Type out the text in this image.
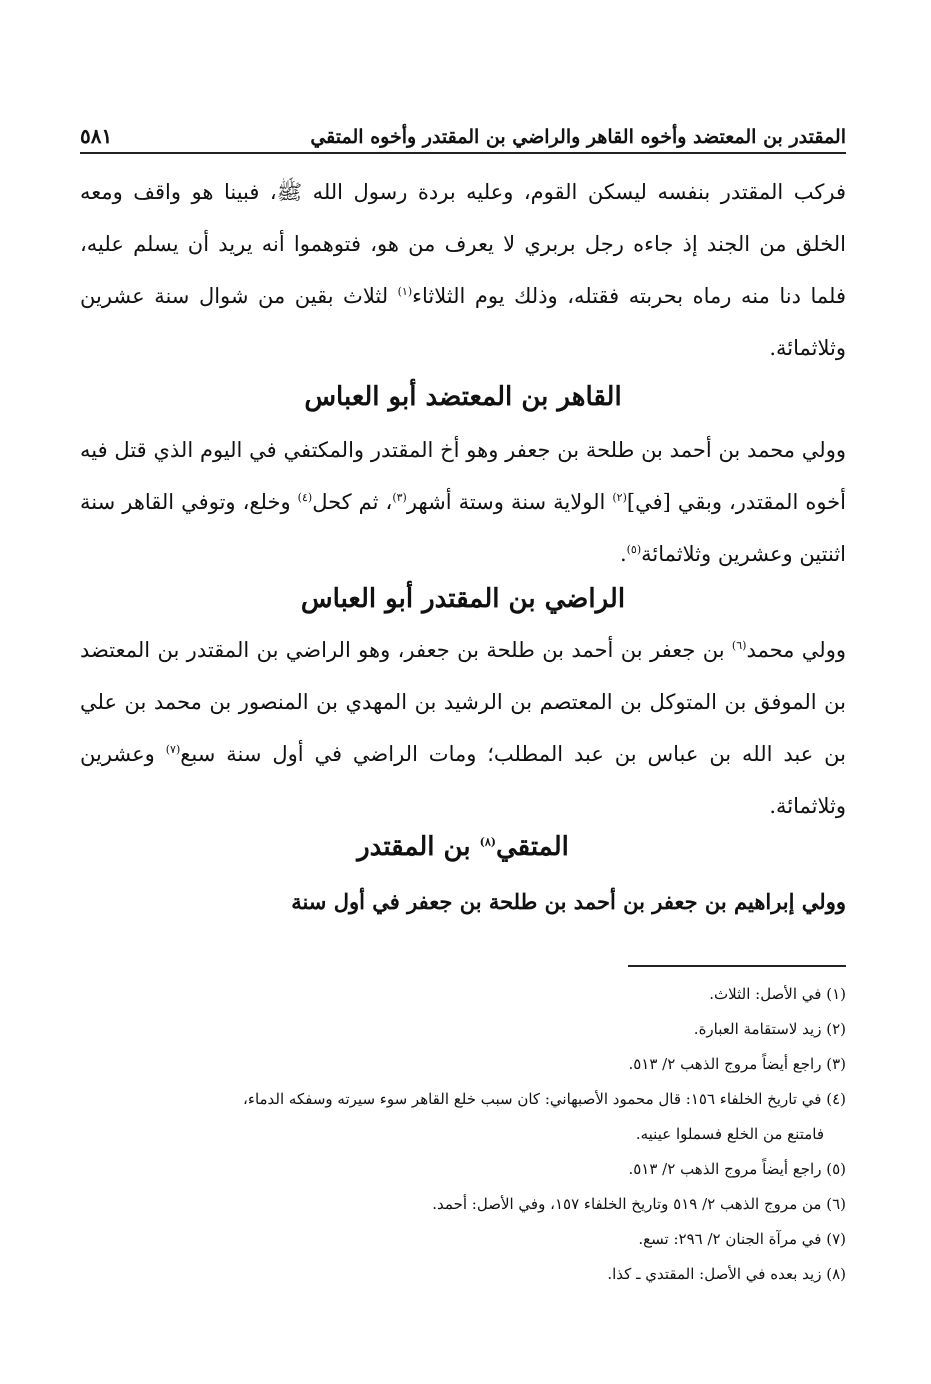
المقتدر بن المعتضد وأخوه القاهر والراضي بن المقتدر وأخوه المتقي
٥٨١
فركب المقتدر بنفسه ليسكن القوم، وعليه بردة رسول الله ﷺ، فبينا هو واقف ومعه الخلق من الجند إذ جاءه رجل بربري لا يعرف من هو، فتوهموا أنه يريد أن يسلم عليه، فلما دنا منه رماه بحربته فقتله، وذلك يوم الثلاثاء$^{(١)}$ لثلاث بقين من شوال سنة عشرين وثلاثمائة.
القاهر بن المعتضد أبو العباس
وولي محمد بن أحمد بن طلحة بن جعفر وهو أخ المقتدر والمكتفي في اليوم الذي قتل فيه أخوه المقتدر، وبقي [في]$^{(٢)}$ الولاية سنة وستة أشهر$^{(٣)}$، ثم كحل$^{(٤)}$ وخلع، وتوفي القاهر سنة اثنتين وعشرين وثلاثمائة$^{(٥)}$.
الراضي بن المقتدر أبو العباس
وولي محمد$^{(٦)}$ بن جعفر بن أحمد بن طلحة بن جعفر، وهو الراضي بن المقتدر بن المعتضد بن الموفق بن المتوكل بن المعتصم بن الرشيد بن المهدي بن المنصور بن محمد بن علي بن عبد الله بن عباس بن عبد المطلب؛ ومات الراضي في أول سنة سبع$^{(٧)}$ وعشرين وثلاثمائة.
المتقي$^{(٨)}$ بن المقتدر
وولي إبراهيم بن جعفر بن أحمد بن طلحة بن جعفر في أول سنة
(١) في الأصل: الثلاث.
(٢) زيد لاستقامة العبارة.
(٣) راجع أيضاً مروج الذهب ٢/ ٥١٣.
(٤) في تاريخ الخلفاء ١٥٦: قال محمود الأصبهاني: كان سبب خلع القاهر سوء سيرته وسفكه الدماء،
فامتنع من الخلع فسملوا عينيه.
(٥) راجع أيضاً مروج الذهب ٢/ ٥١٣.
(٦) من مروج الذهب ٢/ ٥١٩ وتاريخ الخلفاء ١٥٧، وفي الأصل: أحمد.
(٧) في مرآة الجنان ٢/ ٢٩٦: تسع.
(٨) زيد بعده في الأصل: المقتدي ـ كذا.
